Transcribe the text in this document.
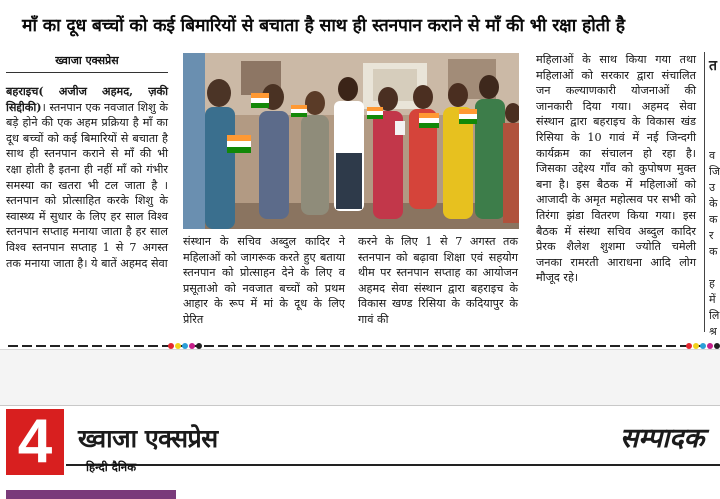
माँ का दूध बच्चों को कई बिमारियों से बचाता है साथ ही स्तनपान कराने से माँ की भी रक्षा होती है
ख्वाजा एक्सप्रेस
बहराइच( अजीज अहमद, ज़की सिद्दीकी)। स्तनपान एक नवजात शिशु के बड़े होने की एक अहम प्रक्रिया है माँ का दूध बच्चों को कई बिमारियों से बचाता है साथ ही स्तनपान कराने से माँ की भी रक्षा होती है इतना ही नहीं माँ को गंभीर समस्या का खतरा भी टल जाता है । स्तनपान को प्रोत्साहित करके शिशु के स्वास्थ्य में सुधार के लिए हर साल विश्व स्तनपान सप्ताह मनाया जाता है हर साल विश्व स्तनपान सप्ताह 1 से 7 अगस्त तक मनाया जाता है। ये बातें अहमद सेवा
संस्थान के सचिव अब्दुल कादिर ने महिलाओं को जागरूक करते हुए बताया स्तनपान को प्रोत्साहन देने के लिए व प्रसूताओ को नवजात बच्चों को प्रथम आहार के रूप में मां के दूध के लिए प्रेरित
करने के लिए 1 से 7 अगस्त तक स्तनपान को बढ़ावा शिक्षा एवं सहयोग थीम पर स्तनपान सप्ताह का आयोजन अहमद सेवा संस्थान द्वारा बहराइच के विकास खण्ड रिसिया के कदियापुर के गावं की
महिलाओं के साथ किया गया तथा महिलाओं को सरकार द्वारा संचालित जन कल्याणकारी योजनाओं की जानकारी दिया गया। अहमद सेवा संस्थान द्वारा बहराइच के विकास खंड रिसिया के 10 गावं में नई जिन्दगी कार्यक्रम का संचालन हो रहा है। जिसका उद्देश्य गाँव को कुपोषण मुक्त बना है। इस बैठक में महिलाओं को आजादी के अमृत महोत्सव पर सभी को तिरंगा झंडा वितरण किया गया। इस बैठक में संस्था सचिव अब्दुल कादिर प्रेरक शैलेश शुशमा ज्योति चमेली जनका रामरती आराधना आदि लोग मौजूद रहे।
त
व
जि
उ
के
क
र
क
ह
में
लि
श्र
4	ख्वाजा एक्सप्रेस
हिन्दी दैनिक
सम्पादक
